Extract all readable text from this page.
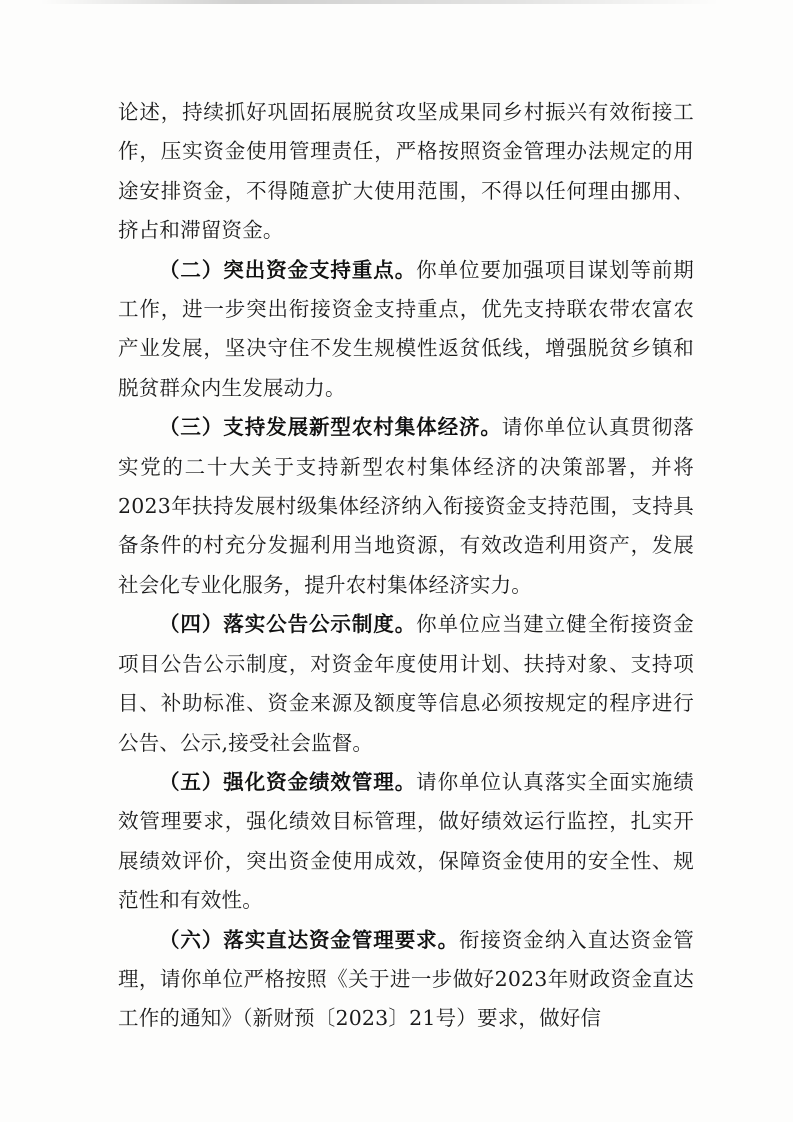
论述，持续抓好巩固拓展脱贫攻坚成果同乡村振兴有效衔接工作，压实资金使用管理责任，严格按照资金管理办法规定的用途安排资金，不得随意扩大使用范围，不得以任何理由挪用、挤占和滞留资金。

（二）突出资金支持重点。你单位要加强项目谋划等前期工作，进一步突出衔接资金支持重点，优先支持联农带农富农产业发展，坚决守住不发生规模性返贫低线，增强脱贫乡镇和脱贫群众内生发展动力。

（三）支持发展新型农村集体经济。请你单位认真贯彻落实党的二十大关于支持新型农村集体经济的决策部署，并将2023年扶持发展村级集体经济纳入衔接资金支持范围，支持具备条件的村充分发掘利用当地资源，有效改造利用资产，发展社会化专业化服务，提升农村集体经济实力。

（四）落实公告公示制度。你单位应当建立健全衔接资金项目公告公示制度，对资金年度使用计划、扶持对象、支持项目、补助标准、资金来源及额度等信息必须按规定的程序进行公告、公示,接受社会监督。

（五）强化资金绩效管理。请你单位认真落实全面实施绩效管理要求，强化绩效目标管理，做好绩效运行监控，扎实开展绩效评价，突出资金使用成效，保障资金使用的安全性、规范性和有效性。

（六）落实直达资金管理要求。衔接资金纳入直达资金管理，请你单位严格按照《关于进一步做好2023年财政资金直达工作的通知》（新财预〔2023〕21号）要求，做好信
